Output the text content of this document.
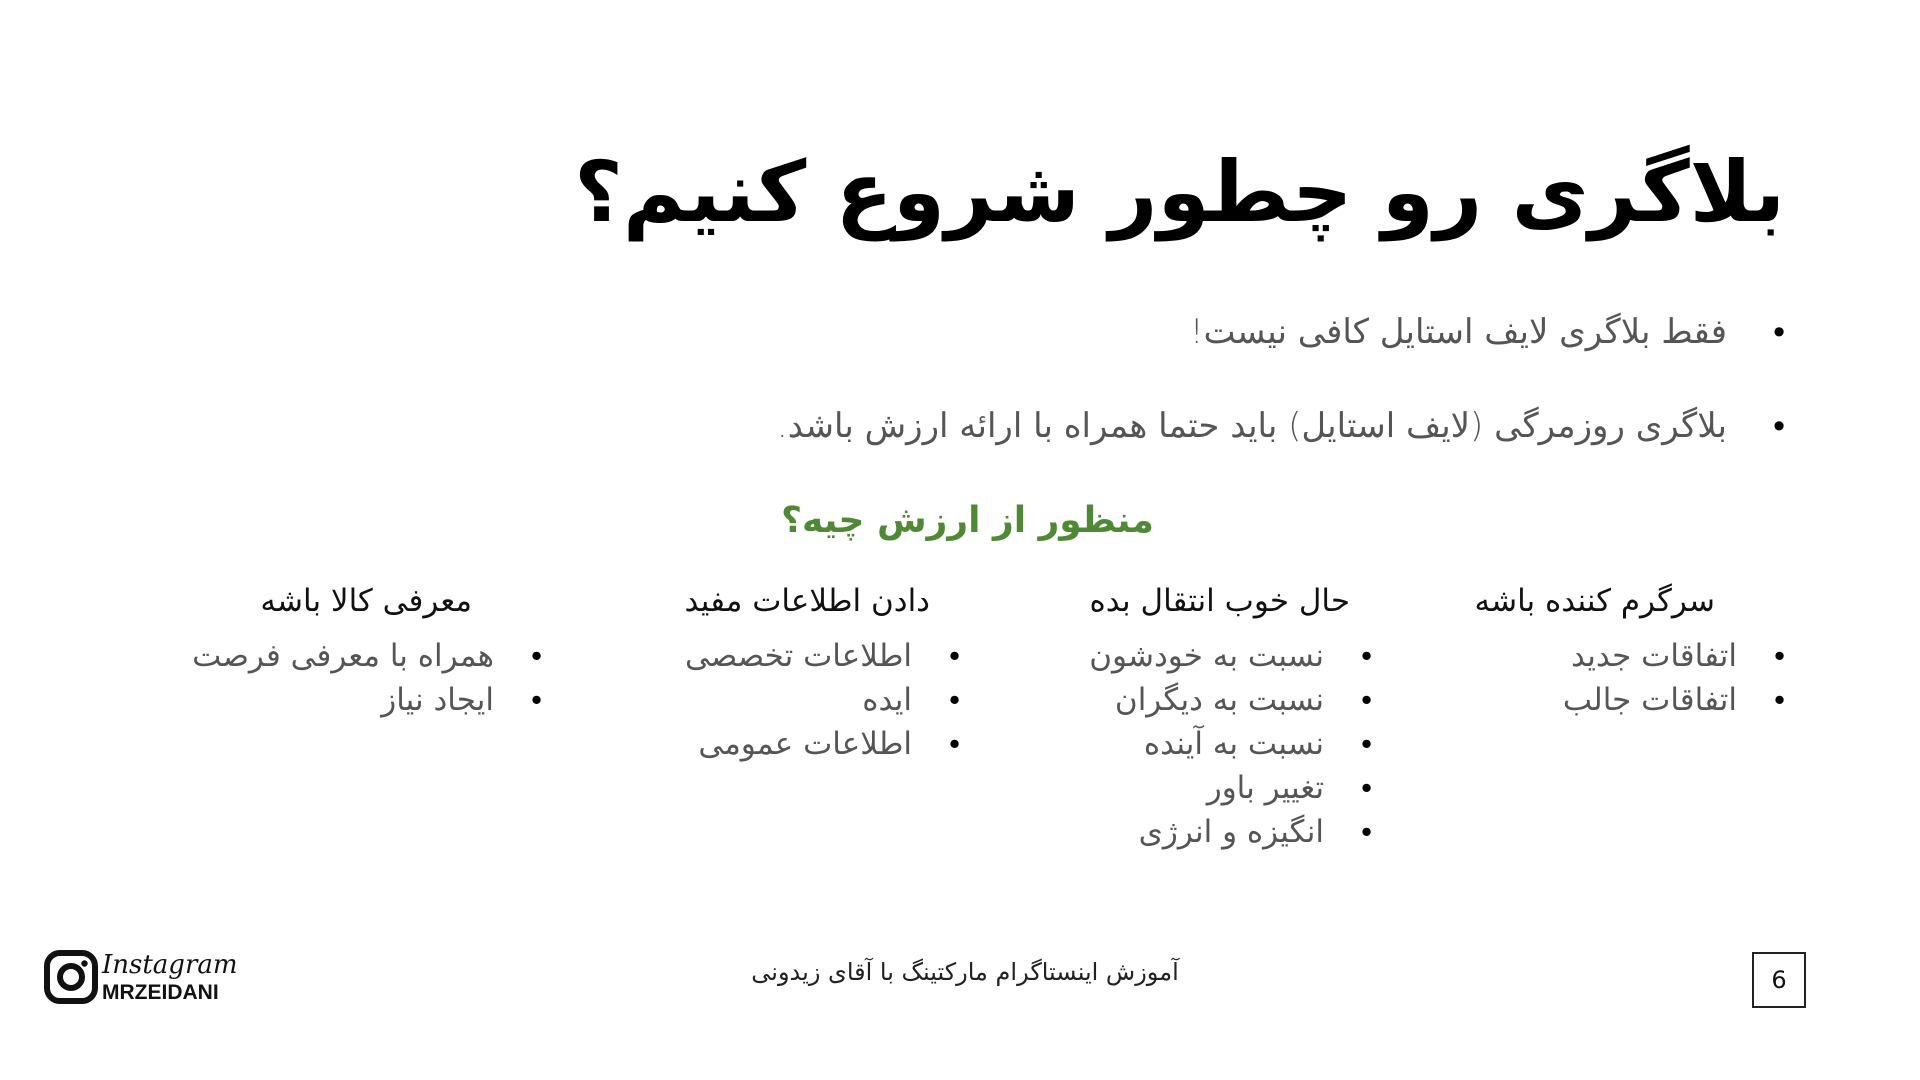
بلاگری رو چطور شروع کنیم؟
• فقط بلاگری لایف استایل کافی نیست!
• بلاگری روزمرگی (لایف استایل) باید حتما همراه با ارائه ارزش باشد.
منظور از ارزش چیه؟
سرگرم کننده باشه
• اتفاقات جدید
• اتفاقات جالب
حال خوب انتقال بده
• نسبت به خودشون
• نسبت به دیگران
• نسبت به آینده
• تغییر باور
• انگیزه و انرژی
دادن اطلاعات مفید
• اطلاعات تخصصی
• ایده
• اطلاعات عمومی
معرفی کالا باشه
• همراه با معرفی فرصت
• ایجاد نیاز
Instagram
MRZEIDANI
آموزش اینستاگرام مارکتینگ با آقای زیدونی	6
